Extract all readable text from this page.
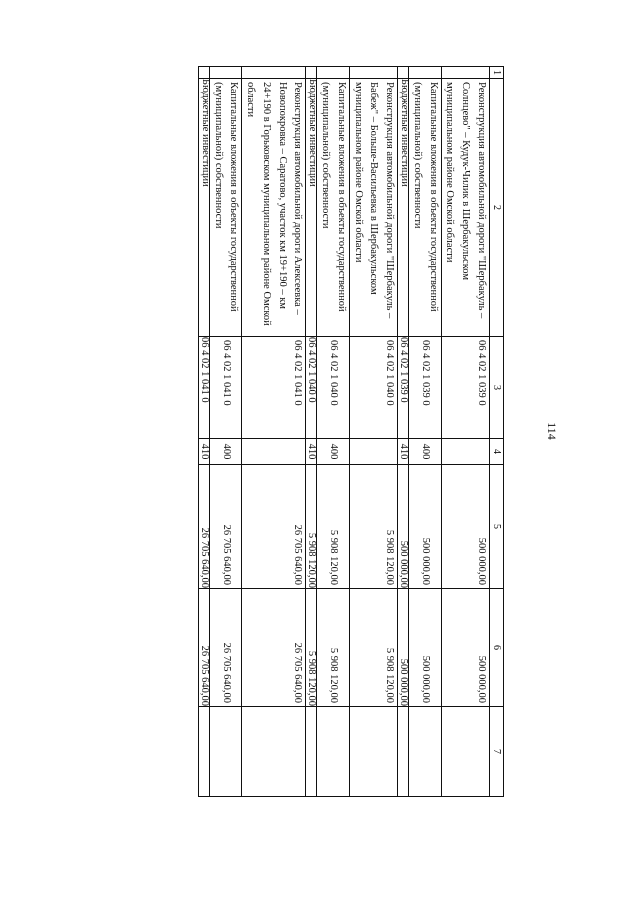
114
1	2	3	4	5	6	7
	Реконструкция автомобильной дороги "Шербакуль – Солнцево" – Кудук-Чилик в Шербакульском муниципальном районе Омской области	06 4 02 1 039 0		500 000,00	500 000,00	
	Капитальные вложения в объекты государственной (муниципальной) собственности	06 4 02 1 039 0	400	500 000,00	500 000,00	
	Бюджетные инвестиции	06 4 02 1 039 0	410	500 000,00	500 000,00	
	Реконструкция автомобильной дороги "Шербакуль – Бабеж" – Больше-Васильевка в Шербакульском муниципальном районе Омской области	06 4 02 1 040 0		5 908 120,00	5 908 120,00	
	Капитальные вложения в объекты государственной (муниципальной) собственности	06 4 02 1 040 0	400	5 908 120,00	5 908 120,00	
	Бюджетные инвестиции	06 4 02 1 040 0	410	5 908 120,00	5 908 120,00	
	Реконструкция автомобильной дороги Алексеевка – Новопокровка – Саратово, участок км 19+190 – км 24+190 в Горьковском муниципальном районе Омской области	06 4 02 1 041 0		26 705 640,00	26 705 640,00	
	Капитальные вложения в объекты государственной (муниципальной) собственности	06 4 02 1 041 0	400	26 705 640,00	26 705 640,00	
	Бюджетные инвестиции	06 4 02 1 041 0	410	26 705 640,00	26 705 640,00	
